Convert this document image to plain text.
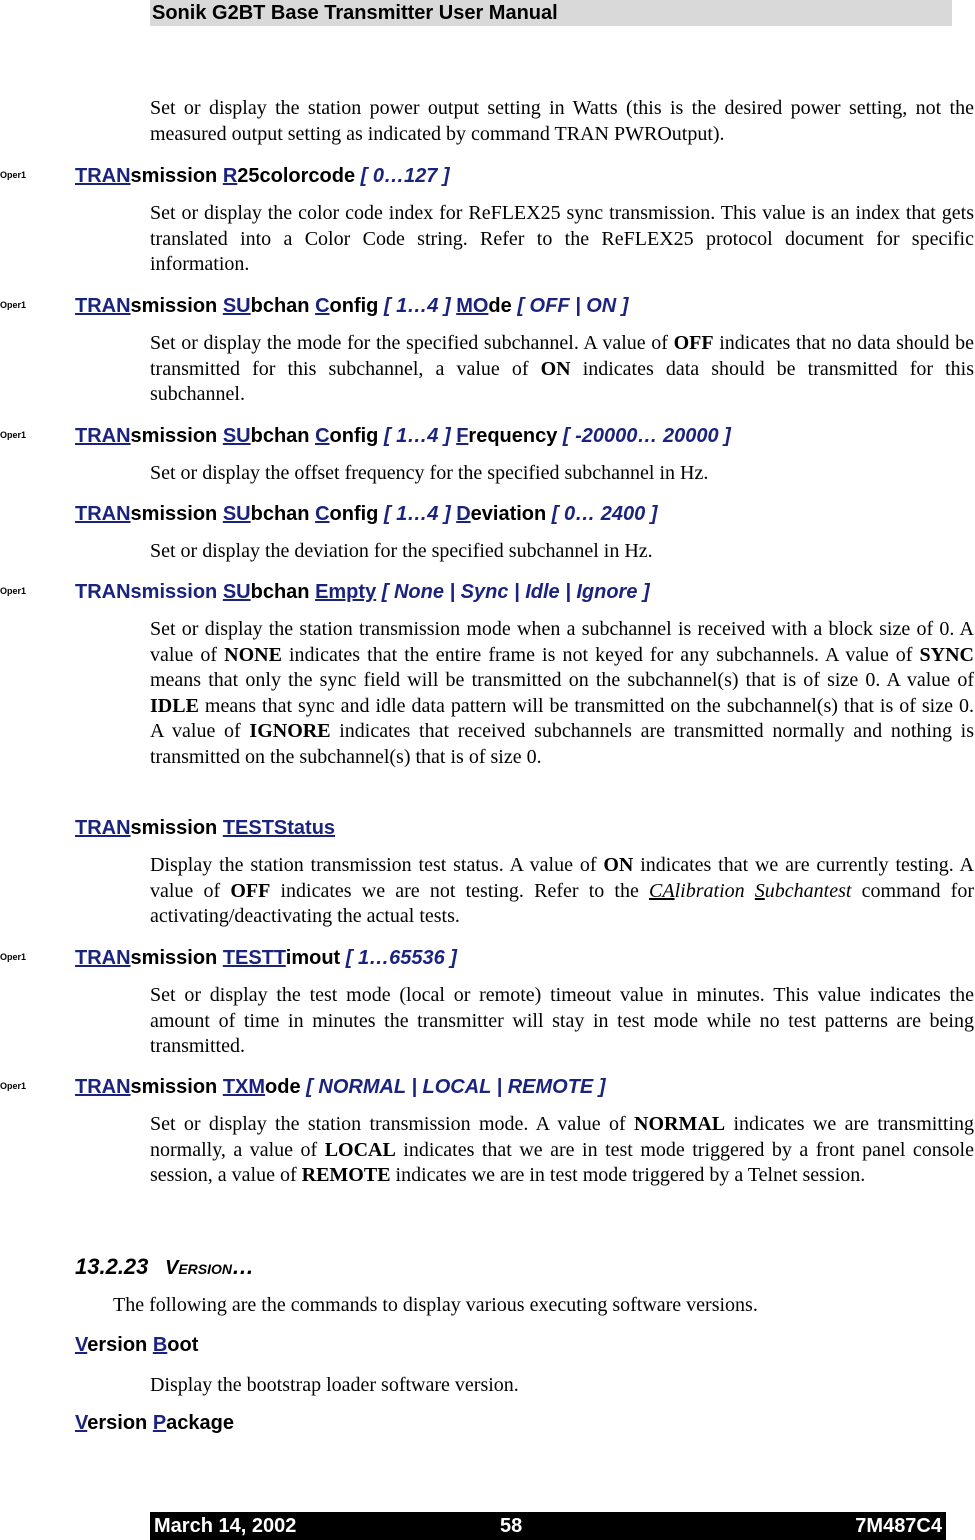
Sonik G2BT Base Transmitter User Manual
Set or display the station power output setting in Watts (this is the desired power setting, not the measured output setting as indicated by command TRAN PWROutput).
Oper1 TRANsmission R25colorcode [ 0…127 ]
Set or display the color code index for ReFLEX25 sync transmission. This value is an index that gets translated into a Color Code string. Refer to the ReFLEX25 protocol document for specific information.
Oper1 TRANsmission SUbchan Config [ 1…4 ] MOde [ OFF | ON ]
Set or display the mode for the specified subchannel. A value of OFF indicates that no data should be transmitted for this subchannel, a value of ON indicates data should be transmitted for this subchannel.
Oper1 TRANsmission SUbchan Config [ 1…4 ] Frequency [ -20000… 20000 ]
Set or display the offset frequency for the specified subchannel in Hz.
TRANsmission SUbchan Config [ 1…4 ] Deviation [ 0… 2400 ]
Set or display the deviation for the specified subchannel in Hz.
Oper1 TRANsmission SUbchan Empty [ None | Sync | Idle | Ignore ]
Set or display the station transmission mode when a subchannel is received with a block size of 0. A value of NONE indicates that the entire frame is not keyed for any subchannels. A value of SYNC means that only the sync field will be transmitted on the subchannel(s) that is of size 0. A value of IDLE means that sync and idle data pattern will be transmitted on the subchannel(s) that is of size 0. A value of IGNORE indicates that received subchannels are transmitted normally and nothing is transmitted on the subchannel(s) that is of size 0.
TRANsmission TESTStatus
Display the station transmission test status. A value of ON indicates that we are currently testing. A value of OFF indicates we are not testing. Refer to the CAlibration Subchantest command for activating/deactivating the actual tests.
Oper1 TRANsmission TESTTimout [ 1…65536 ]
Set or display the test mode (local or remote) timeout value in minutes. This value indicates the amount of time in minutes the transmitter will stay in test mode while no test patterns are being transmitted.
Oper1 TRANsmission TXMode [ NORMAL | LOCAL | REMOTE ]
Set or display the station transmission mode. A value of NORMAL indicates we are transmitting normally, a value of LOCAL indicates that we are in test mode triggered by a front panel console session, a value of REMOTE indicates we are in test mode triggered by a Telnet session.
13.2.23 VERSION…
The following are the commands to display various executing software versions.
Version Boot
Display the bootstrap loader software version.
Version Package
March 14, 2002	58	7M487C4
